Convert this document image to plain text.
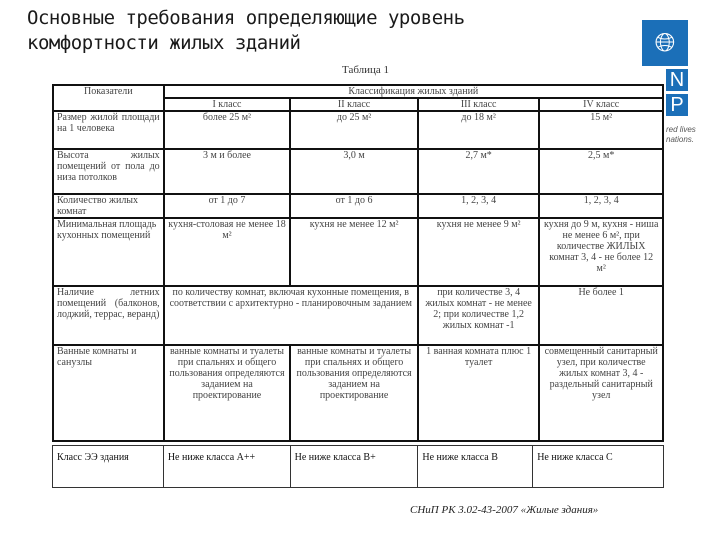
Основные требования определяющие уровень
комфортности жилых зданий	🌐︎
N
P
red lives
nations.
Таблица 1
Показатели	Классификация жилых зданий			
	I класс	II класс	III класс	IV класс
Размер жилой площади на 1 человека	более 25 м²	до 25 м²	до 18 м²	15 м²
Высота жилых помещений от пола до низа потолков	3 м и более	3,0 м	2,7 м*	2,5 м*
Количество жилых комнат	от 1 до 7	от 1 до 6	1, 2, 3, 4	1, 2, 3, 4
Минимальная площадь кухонных помещений	кухня-столовая не менее 18 м²	кухня не менее 12 м²	кухня не менее 9 м²	кухня до 9 м, кухня - ниша не менее 6 м², при количестве ЖИЛЫХ комнат 3, 4 - не более 12 м²
Наличие летних помещений (балконов, лоджий, террас, веранд)	по количеству комнат, включая кухонные помещения, в соответствии с архитектурно - планировочным заданием		при количестве 3, 4 жилых комнат - не менее 2; при количестве 1,2 жилых комнат -1	Не более 1
Ванные комнаты и санузлы	ванные комнаты и туалеты при спальнях и общего пользования определяются заданием на проектирование	ванные комнаты и туалеты при спальнях и общего пользования определяются заданием на проектирование	1 ванная комната плюс 1 туалет	совмещенный санитарный узел, при количестве жилых комнат 3, 4 - раздельный санитарный узел
Класс ЭЭ здания	Не ниже класса А++	Не ниже класса В+	Не ниже класса В	Не ниже класса С
СНиП РК 3.02-43-2007 «Жилые здания»
